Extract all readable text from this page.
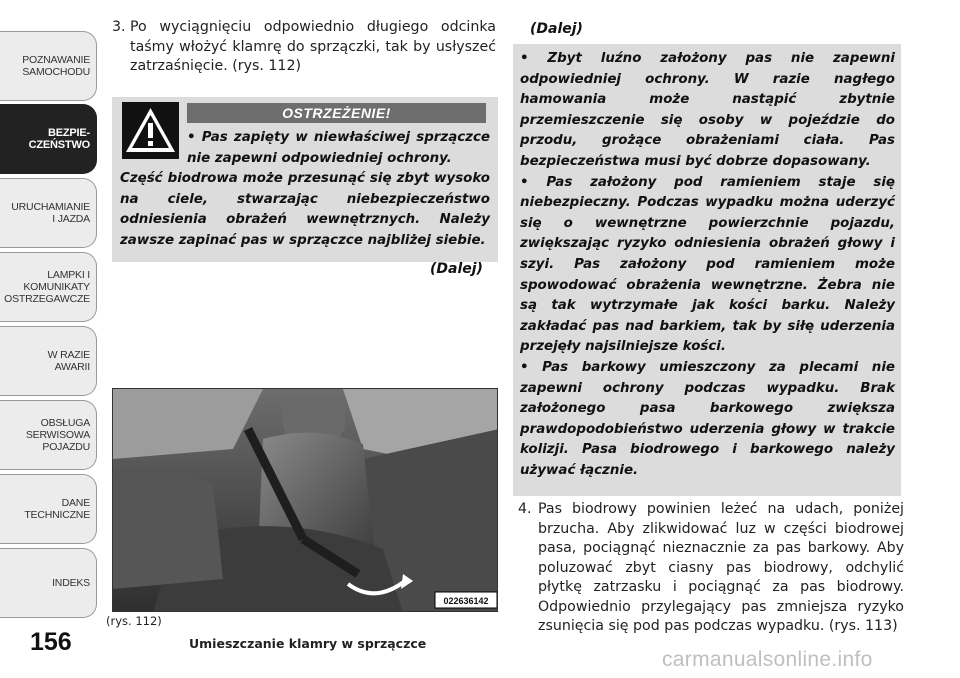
POZNAWANIE
SAMOCHODU
BEZPIE-
CZEŃSTWO
URUCHAMIANIE
I JAZDA
LAMPKI I
KOMUNIKATY
OSTRZEGAWCZE
W RAZIE
AWARII
OBSŁUGA
SERWISOWA
POJAZDU
DANE
TECHNICZNE
INDEKS
156
3. Po wyciągnięciu odpowiednio długiego odcinka taśmy włożyć klamrę do sprzączki, tak by usłyszeć zatrzaśnięcie. (rys. 112)
OSTRZEŻENIE!
• Pas zapięty w niewłaściwej sprzączce nie zapewni odpowiedniej ochrony.
Część biodrowa może przesunąć się zbyt wysoko na ciele, stwarzając niebezpieczeństwo odniesienia obrażeń wewnętrznych. Należy zawsze zapinać pas w sprzączce najbliżej siebie.
(Dalej)
022636142
(rys. 112)
Umieszczanie klamry w sprzączce
(Dalej)

• Zbyt luźno założony pas nie zapewni odpowiedniej ochrony. W razie nagłego hamowania może nastąpić zbytnie przemieszczenie się osoby w pojeździe do przodu, grożące obrażeniami ciała. Pas bezpieczeństwa musi być dobrze dopasowany.

• Pas założony pod ramieniem staje się niebezpieczny. Podczas wypadku można uderzyć się o wewnętrzne powierzchnie pojazdu, zwiększając ryzyko odniesienia obrażeń głowy i szyi. Pas założony pod ramieniem może spowodować obrażenia wewnętrzne. Żebra nie są tak wytrzymałe jak kości barku. Należy zakładać pas nad barkiem, tak by siłę uderzenia przejęły najsilniejsze kości.

• Pas barkowy umieszczony za plecami nie zapewni ochrony podczas wypadku. Brak założonego pasa barkowego zwiększa prawdopodobieństwo uderzenia głowy w trakcie kolizji. Pasa biodrowego i barkowego należy używać łącznie.

4. Pas biodrowy powinien leżeć na udach, poniżej brzucha. Aby zlikwidować luz w części biodrowej pasa, pociągnąć nieznacznie za pas barkowy. Aby poluzować zbyt ciasny pas biodrowy, odchylić płytkę zatrzasku i pociągnąć za pas biodrowy. Odpowiednio przylegający pas zmniejsza ryzyko zsunięcia się pod pas podczas wypadku. (rys. 113)
carmanualsonline.info
